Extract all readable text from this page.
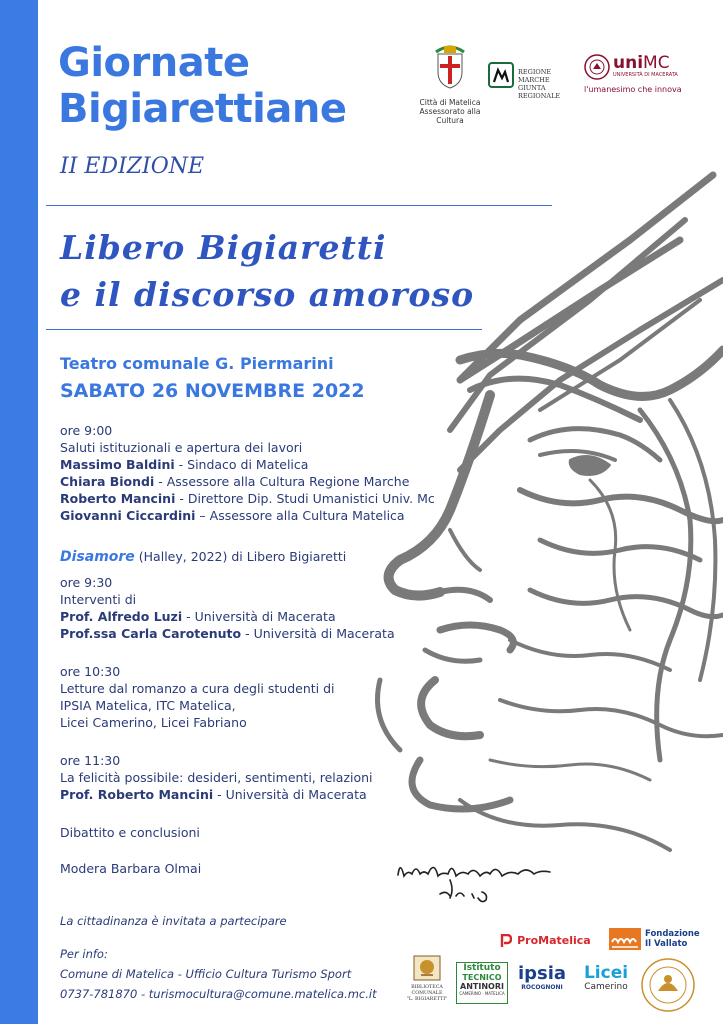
Giornate
Bigiarettiane
II EDIZIONE
Libero Bigiaretti
e il discorso amoroso
Città di Matelica
Assessorato alla Cultura
REGIONE MARCHE
GIUNTA REGIONALE
uniMC
UNIVERSITÀ DI MACERATA
l'umanesimo che innova
Teatro comunale G. Piermarini
SABATO 26 NOVEMBRE 2022
ore 9:00
Saluti istituzionali e apertura dei lavori
Massimo Baldini - Sindaco di Matelica
Chiara Biondi - Assessore alla Cultura Regione Marche
Roberto Mancini - Direttore Dip. Studi Umanistici Univ. Mc
Giovanni Ciccardini – Assessore alla Cultura Matelica
Disamore (Halley, 2022) di Libero Bigiaretti
ore 9:30
Interventi di
Prof. Alfredo Luzi - Università di Macerata
Prof.ssa Carla Carotenuto - Università di Macerata
ore 10:30
Letture dal romanzo a cura degli studenti di
IPSIA Matelica, ITC Matelica,
Licei Camerino, Licei Fabriano
ore 11:30
La felicità possibile: desideri, sentimenti, relazioni
Prof. Roberto Mancini - Università di Macerata
Dibattito e conclusioni
Modera Barbara Olmai
La cittadinanza è invitata a partecipare
Per info:
Comune di Matelica - Ufficio Cultura Turismo Sport
0737-781870 - turismocultura@comune.matelica.mc.it
ProMatelica	Fondazione
Il Vallato
BIBLIOTECA
COMUNALE
"L. BIGIARETTI"
Istituto
TECNICO
ANTINORI
CAMERINO · MATELICA
ipsia
ROCOGNONI
Licei
Camerino
